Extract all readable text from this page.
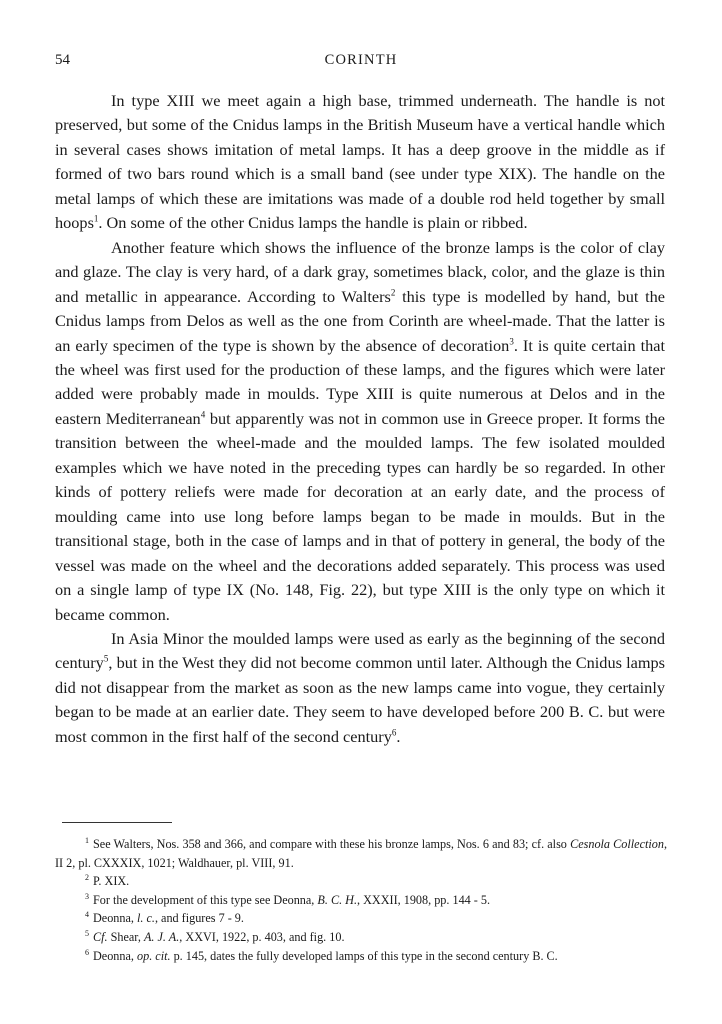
54	CORINTH

In type XIII we meet again a high base, trimmed underneath. The handle is not preserved, but some of the Cnidus lamps in the British Museum have a vertical handle which in several cases shows imitation of metal lamps. It has a deep groove in the middle as if formed of two bars round which is a small band (see under type XIX). The handle on the metal lamps of which these are imitations was made of a double rod held together by small hoops$^1$. On some of the other Cnidus lamps the handle is plain or ribbed.

Another feature which shows the influence of the bronze lamps is the color of clay and glaze. The clay is very hard, of a dark gray, sometimes black, color, and the glaze is thin and metallic in appearance. According to Walters$^2$ this type is modelled by hand, but the Cnidus lamps from Delos as well as the one from Corinth are wheel-made. That the latter is an early specimen of the type is shown by the absence of decoration$^3$. It is quite certain that the wheel was first used for the production of these lamps, and the figures which were later added were probably made in moulds. Type XIII is quite numerous at Delos and in the eastern Mediterranean$^4$ but apparently was not in common use in Greece proper. It forms the transition between the wheel-made and the moulded lamps. The few isolated moulded examples which we have noted in the preceding types can hardly be so regarded. In other kinds of pottery reliefs were made for decoration at an early date, and the process of moulding came into use long before lamps began to be made in moulds. But in the transitional stage, both in the case of lamps and in that of pottery in general, the body of the vessel was made on the wheel and the decorations added separately. This process was used on a single lamp of type IX (No. 148, Fig. 22), but type XIII is the only type on which it became common.

In Asia Minor the moulded lamps were used as early as the beginning of the second century$^5$, but in the West they did not become common until later. Although the Cnidus lamps did not disappear from the market as soon as the new lamps came into vogue, they certainly began to be made at an earlier date. They seem to have developed before 200 B. C. but were most common in the first half of the second century$^6$.

$^1$ See Walters, Nos. 358 and 366, and compare with these his bronze lamps, Nos. 6 and 83; cf. also Cesnola Collection, II 2, pl. CXXXIX, 1021; Waldhauer, pl. VIII, 91.

$^2$ P. XIX.

$^3$ For the development of this type see Deonna, B. C. H., XXXII, 1908, pp. 144 - 5.

$^4$ Deonna, l. c., and figures 7 - 9.

$^5$ Cf. Shear, A. J. A., XXVI, 1922, p. 403, and fig. 10.

$^6$ Deonna, op. cit. p. 145, dates the fully developed lamps of this type in the second century B. C.
